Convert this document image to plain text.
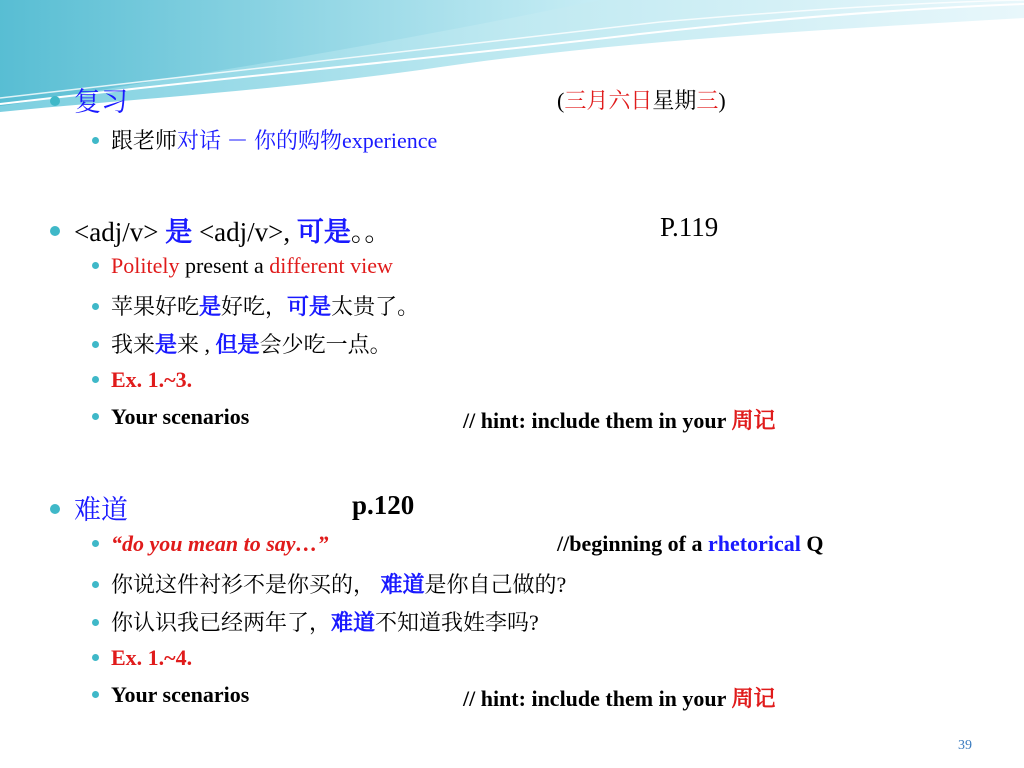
复习	(三月六日星期三)
跟老师对话 － 你的购物experience
<adj/v> 是 <adj/v>, 可是。。	P.119
Politely present a different view
苹果好吃是好吃，可是太贵了。
我来是来 , 但是会少吃一点。
Ex. 1.~3.
Your scenarios	// hint: include them in your 周记
难道	p.120
“do you mean to say…”	//beginning of a rhetorical Q
你说这件衬衫不是你买的， 难道是你自己做的?
你认识我已经两年了，难道不知道我姓李吗?
Ex. 1.~4.
Your scenarios	// hint: include them in your 周记
39
